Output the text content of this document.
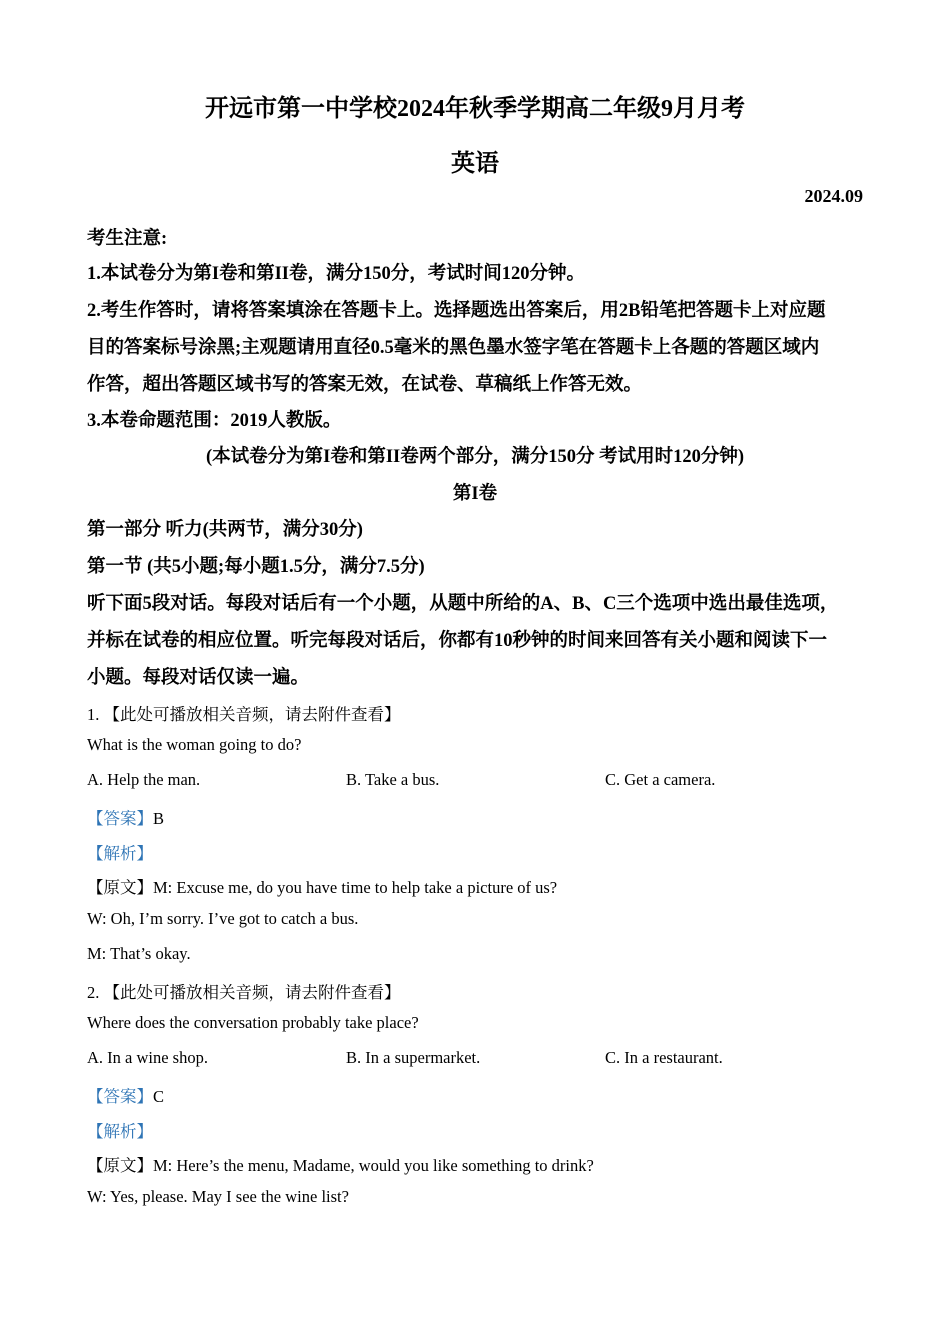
开远市第一中学校2024年秋季学期高二年级9月月考
英语
2024.09
考生注意:
1.本试卷分为第I卷和第II卷，满分150分，考试时间120分钟。
2.考生作答时，请将答案填涂在答题卡上。选择题选出答案后，用2B铅笔把答题卡上对应题
目的答案标号涂黑;主观题请用直径0.5毫米的黑色墨水签字笔在答题卡上各题的答题区域内
作答，超出答题区域书写的答案无效，在试卷、草稿纸上作答无效。
3.本卷命题范围：2019人教版。
(本试卷分为第I卷和第II卷两个部分，满分150分 考试用时120分钟)
第I卷
第一部分 听力(共两节，满分30分)
第一节 (共5小题;每小题1.5分，满分7.5分)
听下面5段对话。每段对话后有一个小题，从题中所给的A、B、C三个选项中选出最佳选项，
并标在试卷的相应位置。听完每段对话后，你都有10秒钟的时间来回答有关小题和阅读下一
小题。每段对话仅读一遍。
1. 【此处可播放相关音频，请去附件查看】
What is the woman going to do?
A. Help the man.	B. Take a bus.	C. Get a camera.
【答案】B
【解析】
【原文】M: Excuse me, do you have time to help take a picture of us?
W: Oh, I’m sorry. I’ve got to catch a bus.
M: That’s okay.
2. 【此处可播放相关音频，请去附件查看】
Where does the conversation probably take place?
A. In a wine shop.	B. In a supermarket.	C. In a restaurant.
【答案】C
【解析】
【原文】M: Here’s the menu, Madame, would you like something to drink?
W: Yes, please. May I see the wine list?
